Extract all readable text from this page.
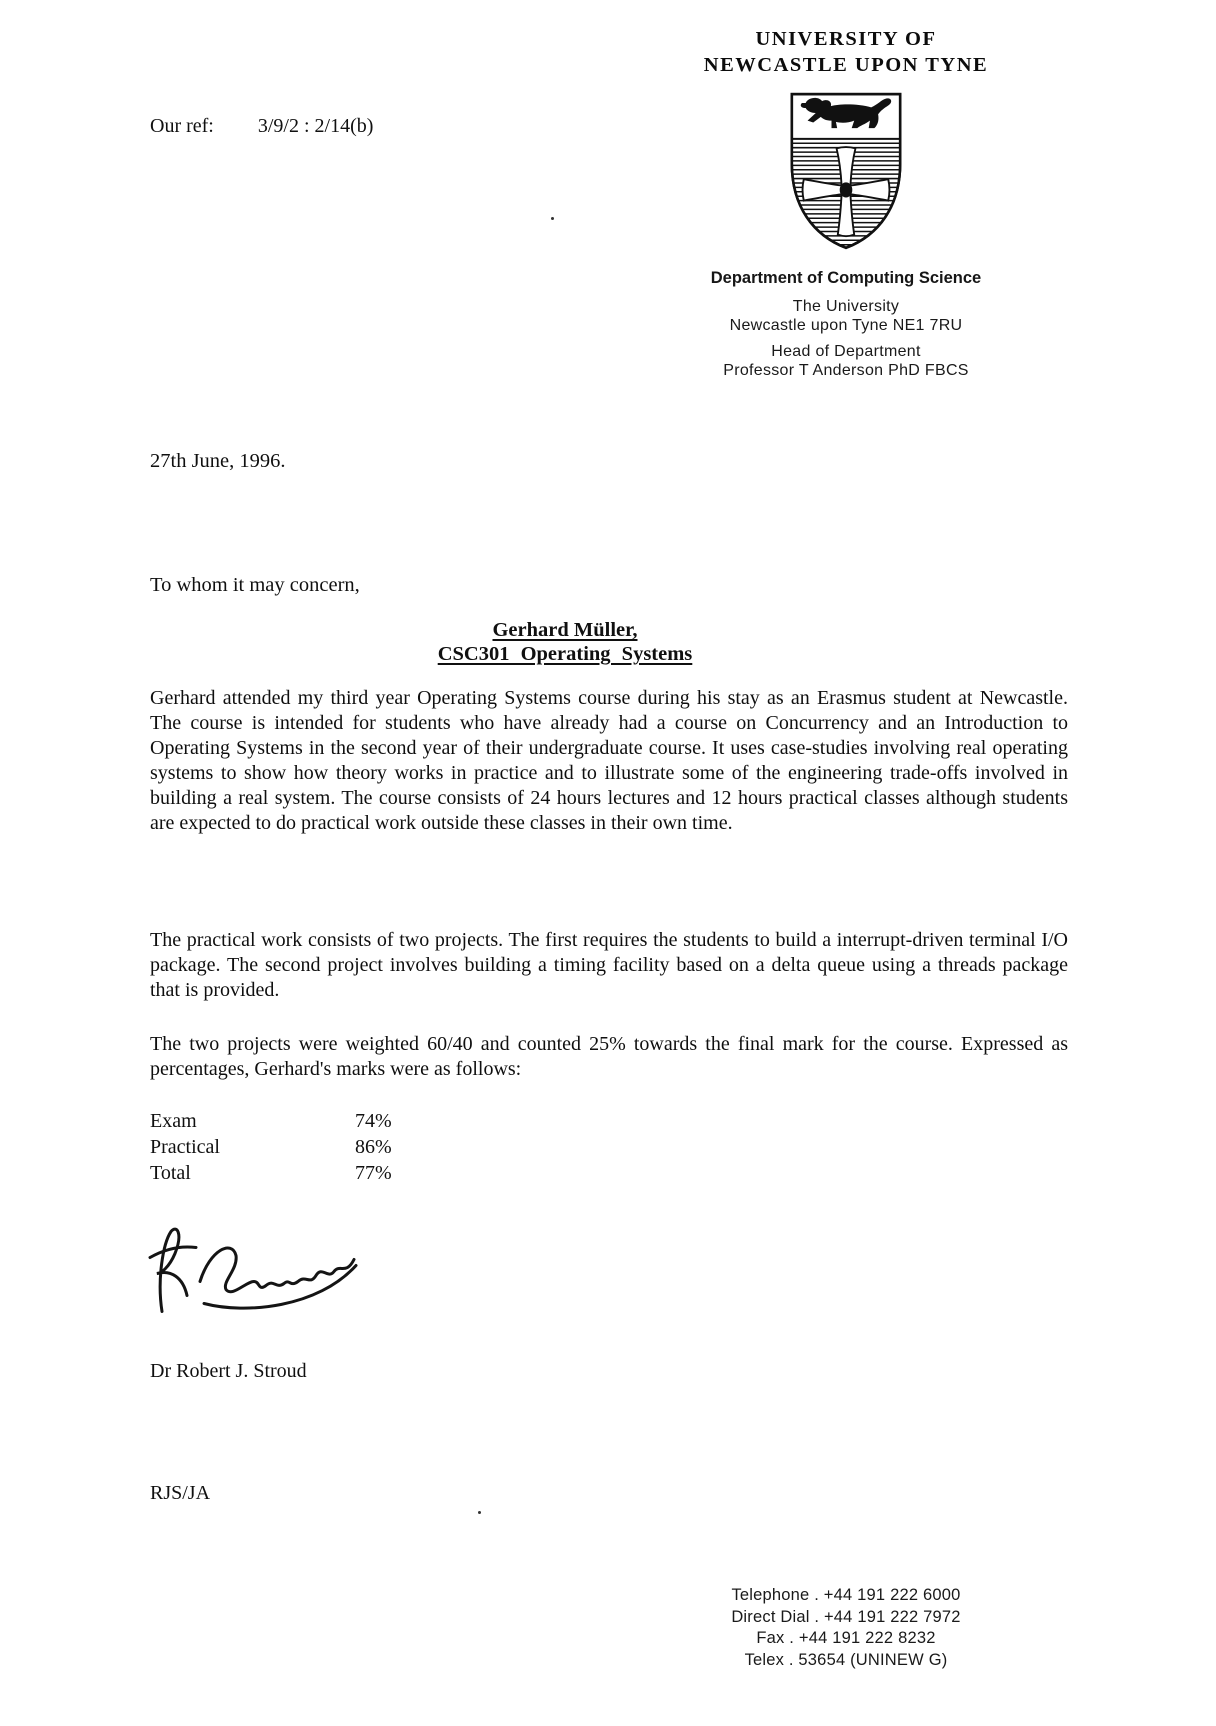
Our ref: 3/9/2 : 2/14(b)
UNIVERSITY OF
NEWCASTLE UPON TYNE
Department of Computing Science
The University
Newcastle upon Tyne NE1 7RU
Head of Department
Professor T Anderson PhD FBCS
27th June, 1996.
To whom it may concern,
Gerhard Müller,
CSC301 Operating Systems

Gerhard attended my third year Operating Systems course during his stay as an Erasmus student at Newcastle. The course is intended for students who have already had a course on Concurrency and an Introduction to Operating Systems in the second year of their undergraduate course. It uses case-studies involving real operating systems to show how theory works in practice and to illustrate some of the engineering trade-offs involved in building a real system. The course consists of 24 hours lectures and 12 hours practical classes although students are expected to do practical work outside these classes in their own time.

The practical work consists of two projects. The first requires the students to build a interrupt-driven terminal I/O package. The second project involves building a timing facility based on a delta queue using a threads package that is provided.

The two projects were weighted 60/40 and counted 25% towards the final mark for the course. Expressed as percentages, Gerhard's marks were as follows:

Exam	74%
Practical	86%
Total	77%
Dr Robert J. Stroud
RJS/JA
Telephone . +44 191 222 6000
Direct Dial . +44 191 222 7972
Fax . +44 191 222 8232
Telex . 53654 (UNINEW G)
